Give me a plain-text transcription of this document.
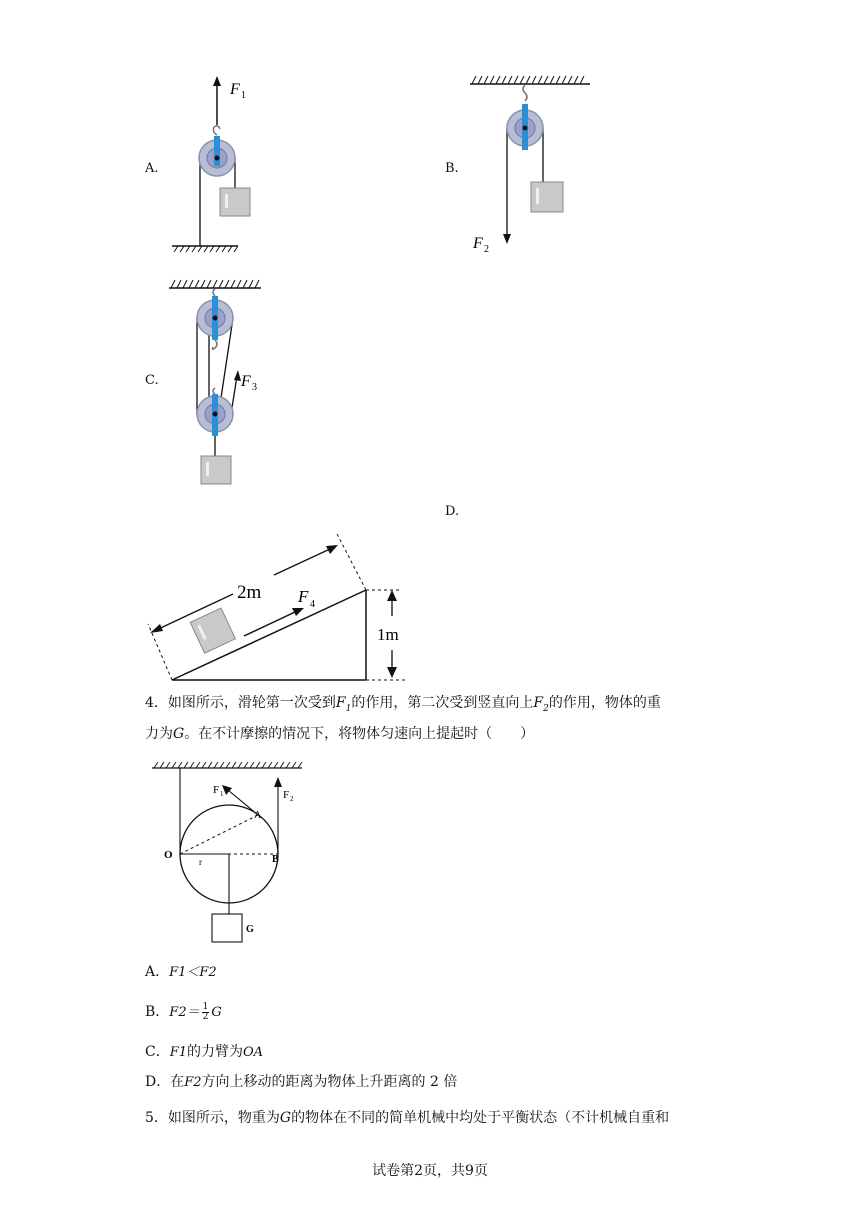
A.
F 1
B.
F 2
C.	F 3
D.
2m
1m
F 4
4．如图所示，滑轮第一次受到$F_1$的作用，第二次受到竖直向上$F_2$的作用，物体的重
力为G。在不计摩擦的情况下，将物体匀速向上提起时（　　）
F 1	F 2
A
O	B
r
G
A．F1＜F2
B．$F2= \frac{1}{2}$ G
C．F1的力臂为OA
D．在F2方向上移动的距离为物体上升距离的 2 倍
5．如图所示，物重为G的物体在不同的简单机械中均处于平衡状态（不计机械自重和
试卷第2页，共9页
